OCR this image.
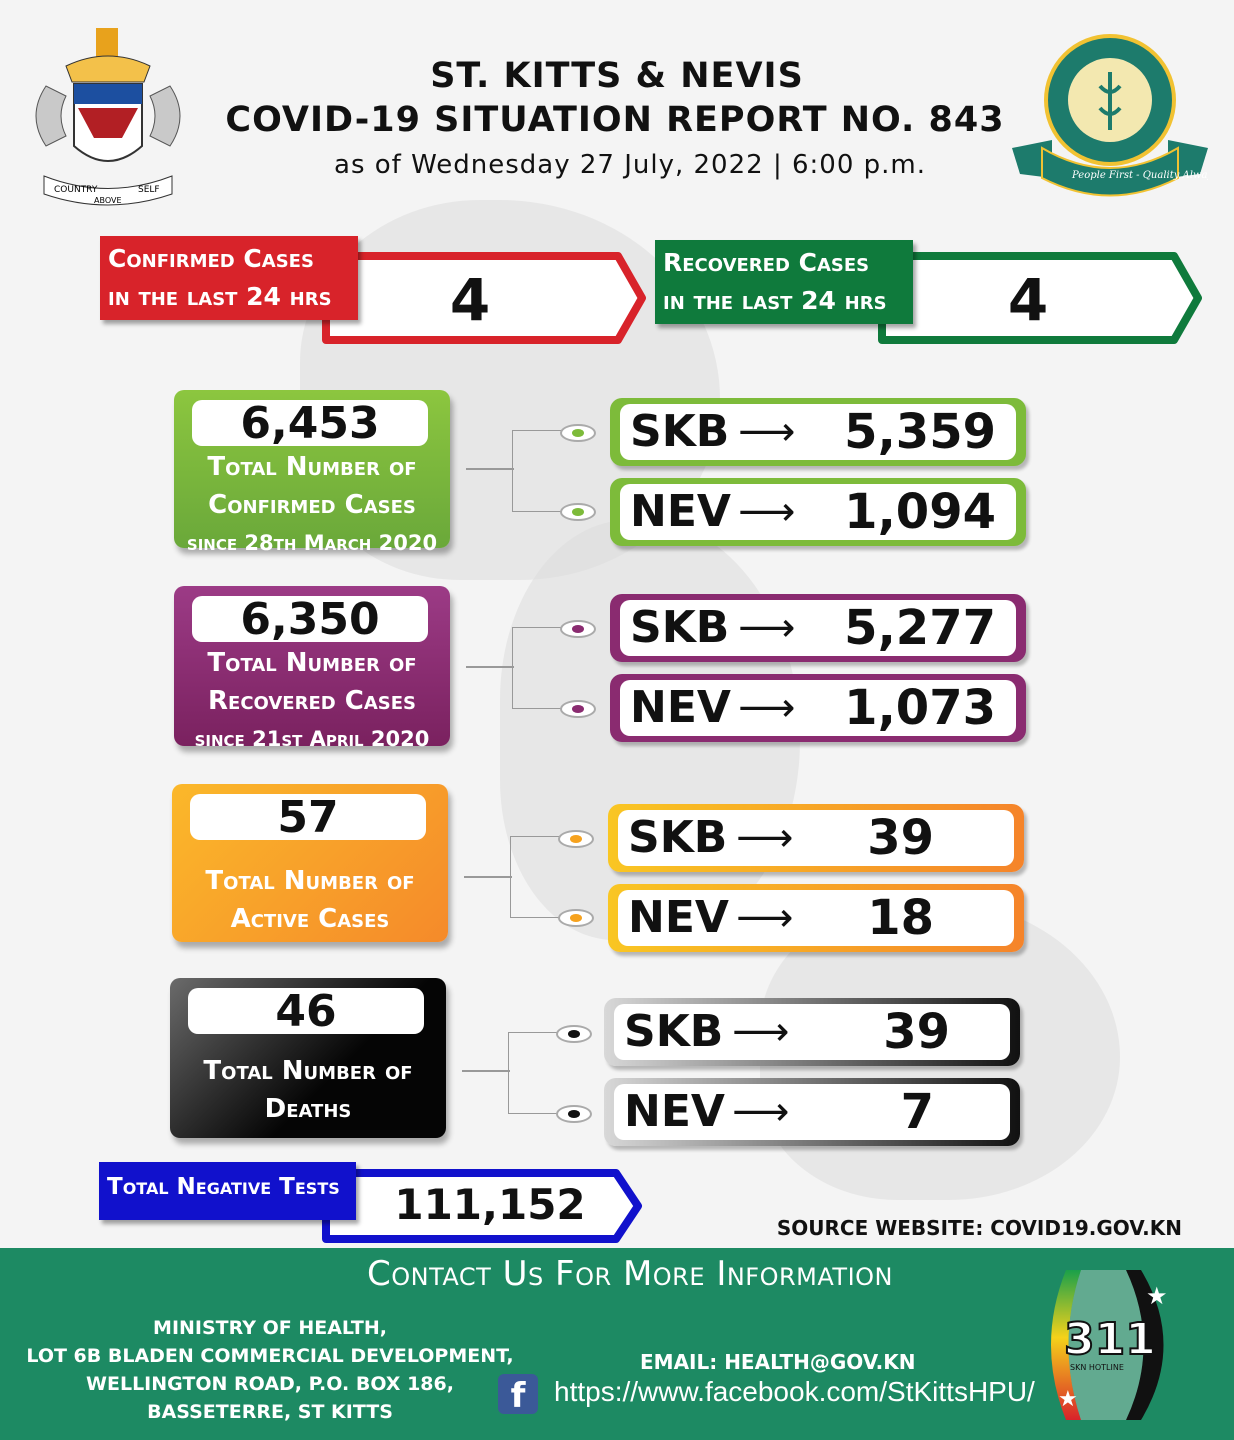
COUNTRY
ABOVE
SELF
People First - Quality Always
ST. KITTS & NEVIS
COVID-19 SITUATION REPORT NO. 843
as of Wednesday 27 July, 2022 | 6:00 p.m.
4
Confirmed Cases
in the last 24 hrs	4
Recovered Cases
in the last 24 hrs
6,453
Total Number of
Confirmed Cases
since 28th March 2020
SKB ⟶ 5,359
NEV ⟶ 1,094
6,350
Total Number of
Recovered Cases
since 21st April 2020
SKB ⟶ 5,277
NEV ⟶ 1,073
57
Total Number of
Active Cases
SKB ⟶ 39
NEV ⟶ 18
46
Total Number of
Deaths
SKB ⟶ 39
NEV ⟶ 7
Total Negative Tests	111,152	SOURCE WEBSITE: COVID19.GOV.KN
Contact Us For More Information
MINISTRY OF HEALTH,
LOT 6B BLADEN COMMERCIAL DEVELOPMENT,
WELLINGTON ROAD, P.O. BOX 186,
BASSETERRE, ST KITTS
EMAIL: HEALTH@GOV.KN
f	https://www.facebook.com/StKittsHPU/
311
SKN HOTLINE
★
★
